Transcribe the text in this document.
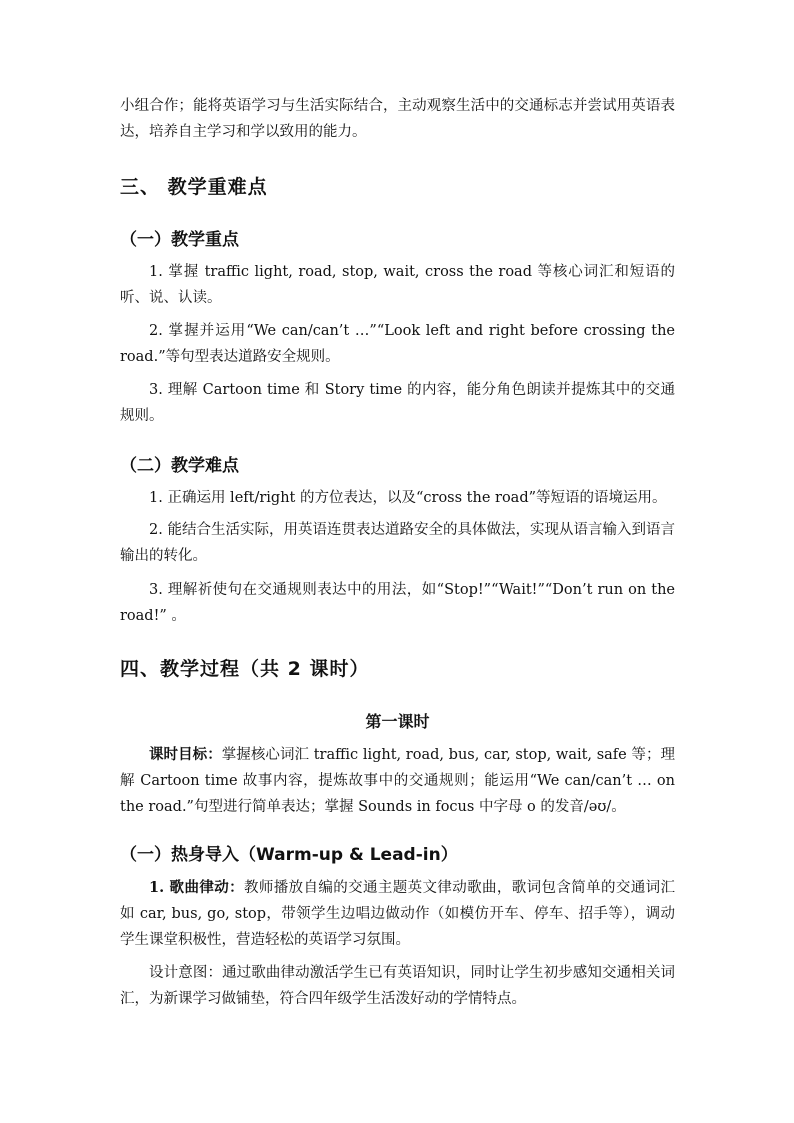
小组合作；能将英语学习与生活实际结合，主动观察生活中的交通标志并尝试用英语表达，培养自主学习和学以致用的能力。

三、 教学重难点
（一）教学重点

1. 掌握 traffic light, road, stop, wait, cross the road 等核心词汇和短语的听、说、认读。

2. 掌握并运用“We can/can’t …”“Look left and right before crossing the road.”等句型表达道路安全规则。

3. 理解 Cartoon time 和 Story time 的内容，能分角色朗读并提炼其中的交通规则。

（二）教学难点

1. 正确运用 left/right 的方位表达，以及“cross the road”等短语的语境运用。

2. 能结合生活实际，用英语连贯表达道路安全的具体做法，实现从语言输入到语言输出的转化。

3. 理解祈使句在交通规则表达中的用法，如“Stop!”“Wait!”“Don’t run on the road!” 。

四、教学过程（共 2 课时）
第一课时

课时目标：掌握核心词汇 traffic light, road, bus, car, stop, wait, safe 等；理解 Cartoon time 故事内容，提炼故事中的交通规则；能运用“We can/can’t … on the road.”句型进行简单表达；掌握 Sounds in focus 中字母 o 的发音/əʊ/。

（一）热身导入（Warm-up & Lead-in）

1. 歌曲律动：教师播放自编的交通主题英文律动歌曲，歌词包含简单的交通词汇如 car, bus, go, stop，带领学生边唱边做动作（如模仿开车、停车、招手等），调动学生课堂积极性，营造轻松的英语学习氛围。

设计意图：通过歌曲律动激活学生已有英语知识，同时让学生初步感知交通相关词汇，为新课学习做铺垫，符合四年级学生活泼好动的学情特点。
